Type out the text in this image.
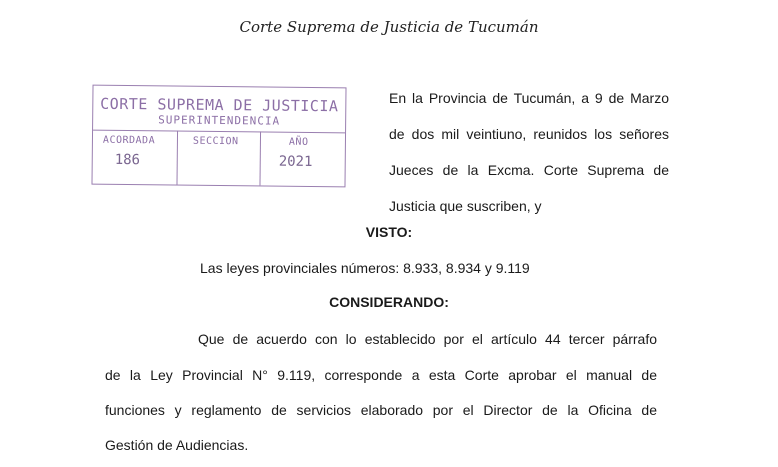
Corte Suprema de Justicia de Tucumán
CORTE SUPREMA DE JUSTICIA
SUPERINTENDENCIA
ACORDADA
186
SECCION	AÑO
2021
En la Provincia de Tucumán, a 9 de Marzo de dos mil veintiuno, reunidos los señores Jueces de la Excma. Corte Suprema de Justicia que suscriben, y
VISTO:
Las leyes provinciales números: 8.933, 8.934 y 9.119
CONSIDERANDO:
Que de acuerdo con lo establecido por el artículo 44 tercer párrafo
de la Ley Provincial N° 9.119, corresponde a esta Corte aprobar el manual de
funciones y reglamento de servicios elaborado por el Director de la Oficina de
Gestión de Audiencias.
